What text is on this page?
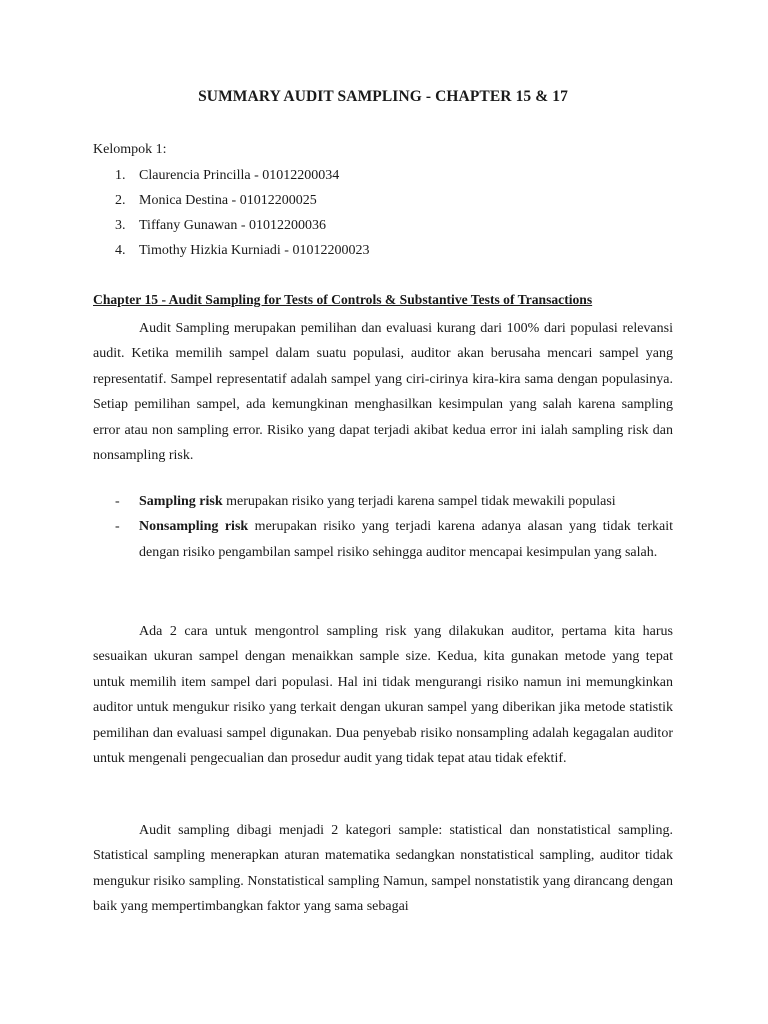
SUMMARY AUDIT SAMPLING - CHAPTER 15 & 17
Kelompok 1:
1. Claurencia Princilla - 01012200034
2. Monica Destina - 01012200025
3. Tiffany Gunawan - 01012200036
4. Timothy Hizkia Kurniadi - 01012200023
Chapter 15 - Audit Sampling for Tests of Controls & Substantive Tests of Transactions

Audit Sampling merupakan pemilihan dan evaluasi kurang dari 100% dari populasi relevansi audit. Ketika memilih sampel dalam suatu populasi, auditor akan berusaha mencari sampel yang representatif. Sampel representatif adalah sampel yang ciri-cirinya kira-kira sama dengan populasinya. Setiap pemilihan sampel, ada kemungkinan menghasilkan kesimpulan yang salah karena sampling error atau non sampling error. Risiko yang dapat terjadi akibat kedua error ini ialah sampling risk dan nonsampling risk.

- Sampling risk merupakan risiko yang terjadi karena sampel tidak mewakili populasi
- Nonsampling risk merupakan risiko yang terjadi karena adanya alasan yang tidak terkait dengan risiko pengambilan sampel risiko sehingga auditor mencapai kesimpulan yang salah.

Ada 2 cara untuk mengontrol sampling risk yang dilakukan auditor, pertama kita harus sesuaikan ukuran sampel dengan menaikkan sample size. Kedua, kita gunakan metode yang tepat untuk memilih item sampel dari populasi. Hal ini tidak mengurangi risiko namun ini memungkinkan auditor untuk mengukur risiko yang terkait dengan ukuran sampel yang diberikan jika metode statistik pemilihan dan evaluasi sampel digunakan. Dua penyebab risiko nonsampling adalah kegagalan auditor untuk mengenali pengecualian dan prosedur audit yang tidak tepat atau tidak efektif.

Audit sampling dibagi menjadi 2 kategori sample: statistical dan nonstatistical sampling. Statistical sampling menerapkan aturan matematika sedangkan nonstatistical sampling, auditor tidak mengukur risiko sampling. Nonstatistical sampling Namun, sampel nonstatistik yang dirancang dengan baik yang mempertimbangkan faktor yang sama sebagai
